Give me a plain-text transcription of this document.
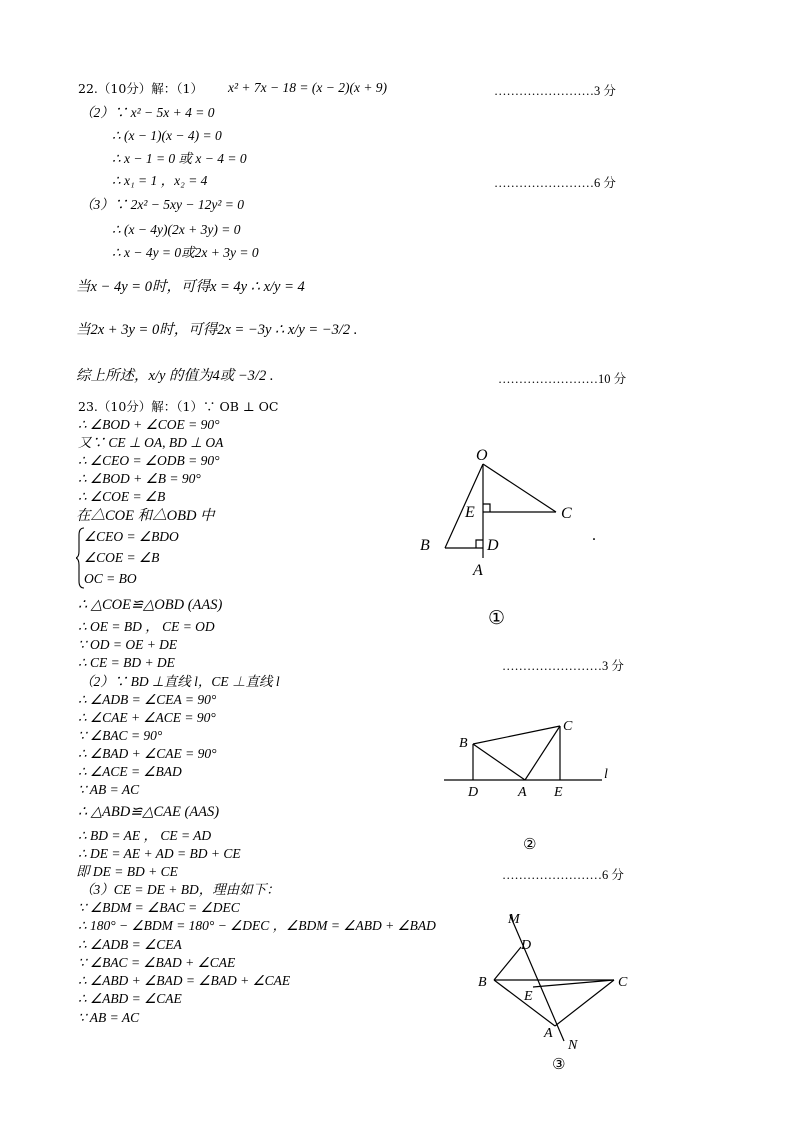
22.（10分）解：（1） x² + 7x − 18 = (x − 2)(x + 9)	……………………3 分
（2）∵ x² − 5x + 4 = 0
∴ (x − 1)(x − 4) = 0
∴ x − 1 = 0 或 x − 4 = 0
∴ x₁ = 1 ，x₂ = 4	……………………6 分
（3）∵ 2x² − 5xy − 12y² = 0
∴ (x − 4y)(2x + 3y) = 0
∴ x − 4y = 0或2x + 3y = 0
当x − 4y = 0时，可得x = 4y ∴ x/y = 4
当2x + 3y = 0时，可得2x = −3y ∴ x/y = −3/2 .
综上所述，x/y 的值为4或 −3/2 .	……………………10 分
23.（10分）解：（1）∵ OB ⊥ OC
∴ ∠BOD + ∠COE = 90°
又∵ CE ⊥ OA, BD ⊥ OA
∴ ∠CEO = ∠ODB = 90°
∴ ∠BOD + ∠B = 90°
∴ ∠COE = ∠B
在△COE 和△OBD 中
∠CEO = ∠BDO
∠COE = ∠B
OC = BO
∴ △COE≌△OBD (AAS)
∴ OE = BD ， CE = OD
∵ OD = OE + DE
∴ CE = BD + DE	……………………3 分
（2）∵ BD ⊥直线 l，CE ⊥直线 l
∴ ∠ADB = ∠CEA = 90°
∴ ∠CAE + ∠ACE = 90°
∵ ∠BAC = 90°
∴ ∠BAD + ∠CAE = 90°
∴ ∠ACE = ∠BAD
∵ AB = AC
∴ △ABD≌△CAE (AAS)
∴ BD = AE ， CE = AD
∴ DE = AE + AD = BD + CE
即 DE = BD + CE	……………………6 分
（3）CE = DE + BD，理由如下：
∵ ∠BDM = ∠BAC = ∠DEC
∴ 180° − ∠BDM = 180° − ∠DEC ，∠BDM = ∠ABD + ∠BAD
∴ ∠ADB = ∠CEA
∵ ∠BAC = ∠BAD + ∠CAE
∴ ∠ABD + ∠BAD = ∠BAD + ∠CAE
∴ ∠ABD = ∠CAE
∵ AB = AC
O
E	C
B	D
A
.
①
B
C
D	A E
l
②
M
D
B
E
C
A
N
③
